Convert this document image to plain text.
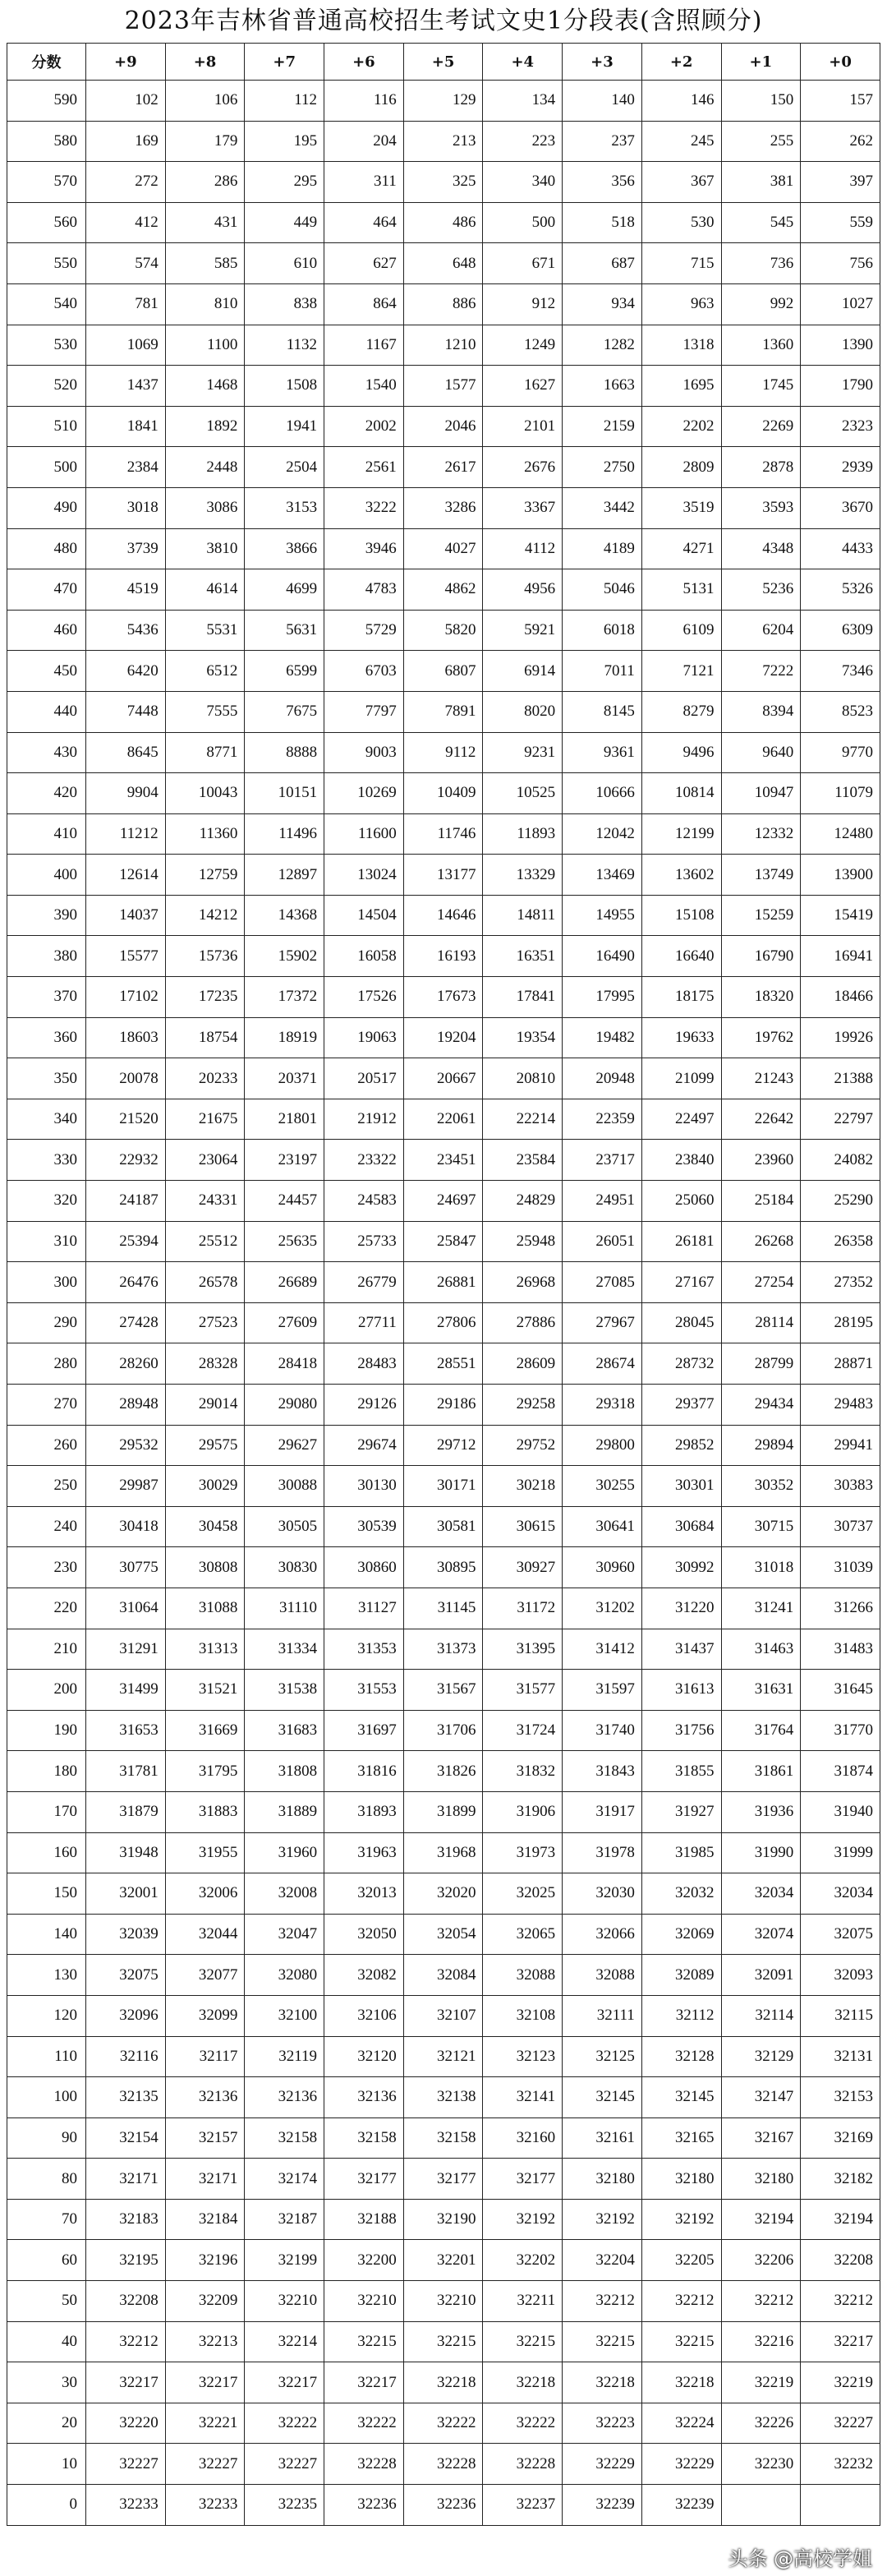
2023年吉林省普通高校招生考试文史1分段表(含照顾分)
分数	+9	+8	+7	+6	+5	+4	+3	+2	+1	+0
590	102	106	112	116	129	134	140	146	150	157
580	169	179	195	204	213	223	237	245	255	262
570	272	286	295	311	325	340	356	367	381	397
560	412	431	449	464	486	500	518	530	545	559
550	574	585	610	627	648	671	687	715	736	756
540	781	810	838	864	886	912	934	963	992	1027
530	1069	1100	1132	1167	1210	1249	1282	1318	1360	1390
520	1437	1468	1508	1540	1577	1627	1663	1695	1745	1790
510	1841	1892	1941	2002	2046	2101	2159	2202	2269	2323
500	2384	2448	2504	2561	2617	2676	2750	2809	2878	2939
490	3018	3086	3153	3222	3286	3367	3442	3519	3593	3670
480	3739	3810	3866	3946	4027	4112	4189	4271	4348	4433
470	4519	4614	4699	4783	4862	4956	5046	5131	5236	5326
460	5436	5531	5631	5729	5820	5921	6018	6109	6204	6309
450	6420	6512	6599	6703	6807	6914	7011	7121	7222	7346
440	7448	7555	7675	7797	7891	8020	8145	8279	8394	8523
430	8645	8771	8888	9003	9112	9231	9361	9496	9640	9770
420	9904	10043	10151	10269	10409	10525	10666	10814	10947	11079
410	11212	11360	11496	11600	11746	11893	12042	12199	12332	12480
400	12614	12759	12897	13024	13177	13329	13469	13602	13749	13900
390	14037	14212	14368	14504	14646	14811	14955	15108	15259	15419
380	15577	15736	15902	16058	16193	16351	16490	16640	16790	16941
370	17102	17235	17372	17526	17673	17841	17995	18175	18320	18466
360	18603	18754	18919	19063	19204	19354	19482	19633	19762	19926
350	20078	20233	20371	20517	20667	20810	20948	21099	21243	21388
340	21520	21675	21801	21912	22061	22214	22359	22497	22642	22797
330	22932	23064	23197	23322	23451	23584	23717	23840	23960	24082
320	24187	24331	24457	24583	24697	24829	24951	25060	25184	25290
310	25394	25512	25635	25733	25847	25948	26051	26181	26268	26358
300	26476	26578	26689	26779	26881	26968	27085	27167	27254	27352
290	27428	27523	27609	27711	27806	27886	27967	28045	28114	28195
280	28260	28328	28418	28483	28551	28609	28674	28732	28799	28871
270	28948	29014	29080	29126	29186	29258	29318	29377	29434	29483
260	29532	29575	29627	29674	29712	29752	29800	29852	29894	29941
250	29987	30029	30088	30130	30171	30218	30255	30301	30352	30383
240	30418	30458	30505	30539	30581	30615	30641	30684	30715	30737
230	30775	30808	30830	30860	30895	30927	30960	30992	31018	31039
220	31064	31088	31110	31127	31145	31172	31202	31220	31241	31266
210	31291	31313	31334	31353	31373	31395	31412	31437	31463	31483
200	31499	31521	31538	31553	31567	31577	31597	31613	31631	31645
190	31653	31669	31683	31697	31706	31724	31740	31756	31764	31770
180	31781	31795	31808	31816	31826	31832	31843	31855	31861	31874
170	31879	31883	31889	31893	31899	31906	31917	31927	31936	31940
160	31948	31955	31960	31963	31968	31973	31978	31985	31990	31999
150	32001	32006	32008	32013	32020	32025	32030	32032	32034	32034
140	32039	32044	32047	32050	32054	32065	32066	32069	32074	32075
130	32075	32077	32080	32082	32084	32088	32088	32089	32091	32093
120	32096	32099	32100	32106	32107	32108	32111	32112	32114	32115
110	32116	32117	32119	32120	32121	32123	32125	32128	32129	32131
100	32135	32136	32136	32136	32138	32141	32145	32145	32147	32153
90	32154	32157	32158	32158	32158	32160	32161	32165	32167	32169
80	32171	32171	32174	32177	32177	32177	32180	32180	32180	32182
70	32183	32184	32187	32188	32190	32192	32192	32192	32194	32194
60	32195	32196	32199	32200	32201	32202	32204	32205	32206	32208
50	32208	32209	32210	32210	32210	32211	32212	32212	32212	32212
40	32212	32213	32214	32215	32215	32215	32215	32215	32216	32217
30	32217	32217	32217	32217	32218	32218	32218	32218	32219	32219
20	32220	32221	32222	32222	32222	32222	32223	32224	32226	32227
10	32227	32227	32227	32228	32228	32228	32229	32229	32230	32232
0	32233	32233	32235	32236	32236	32237	32239	32239		
头条 @高校学姐
